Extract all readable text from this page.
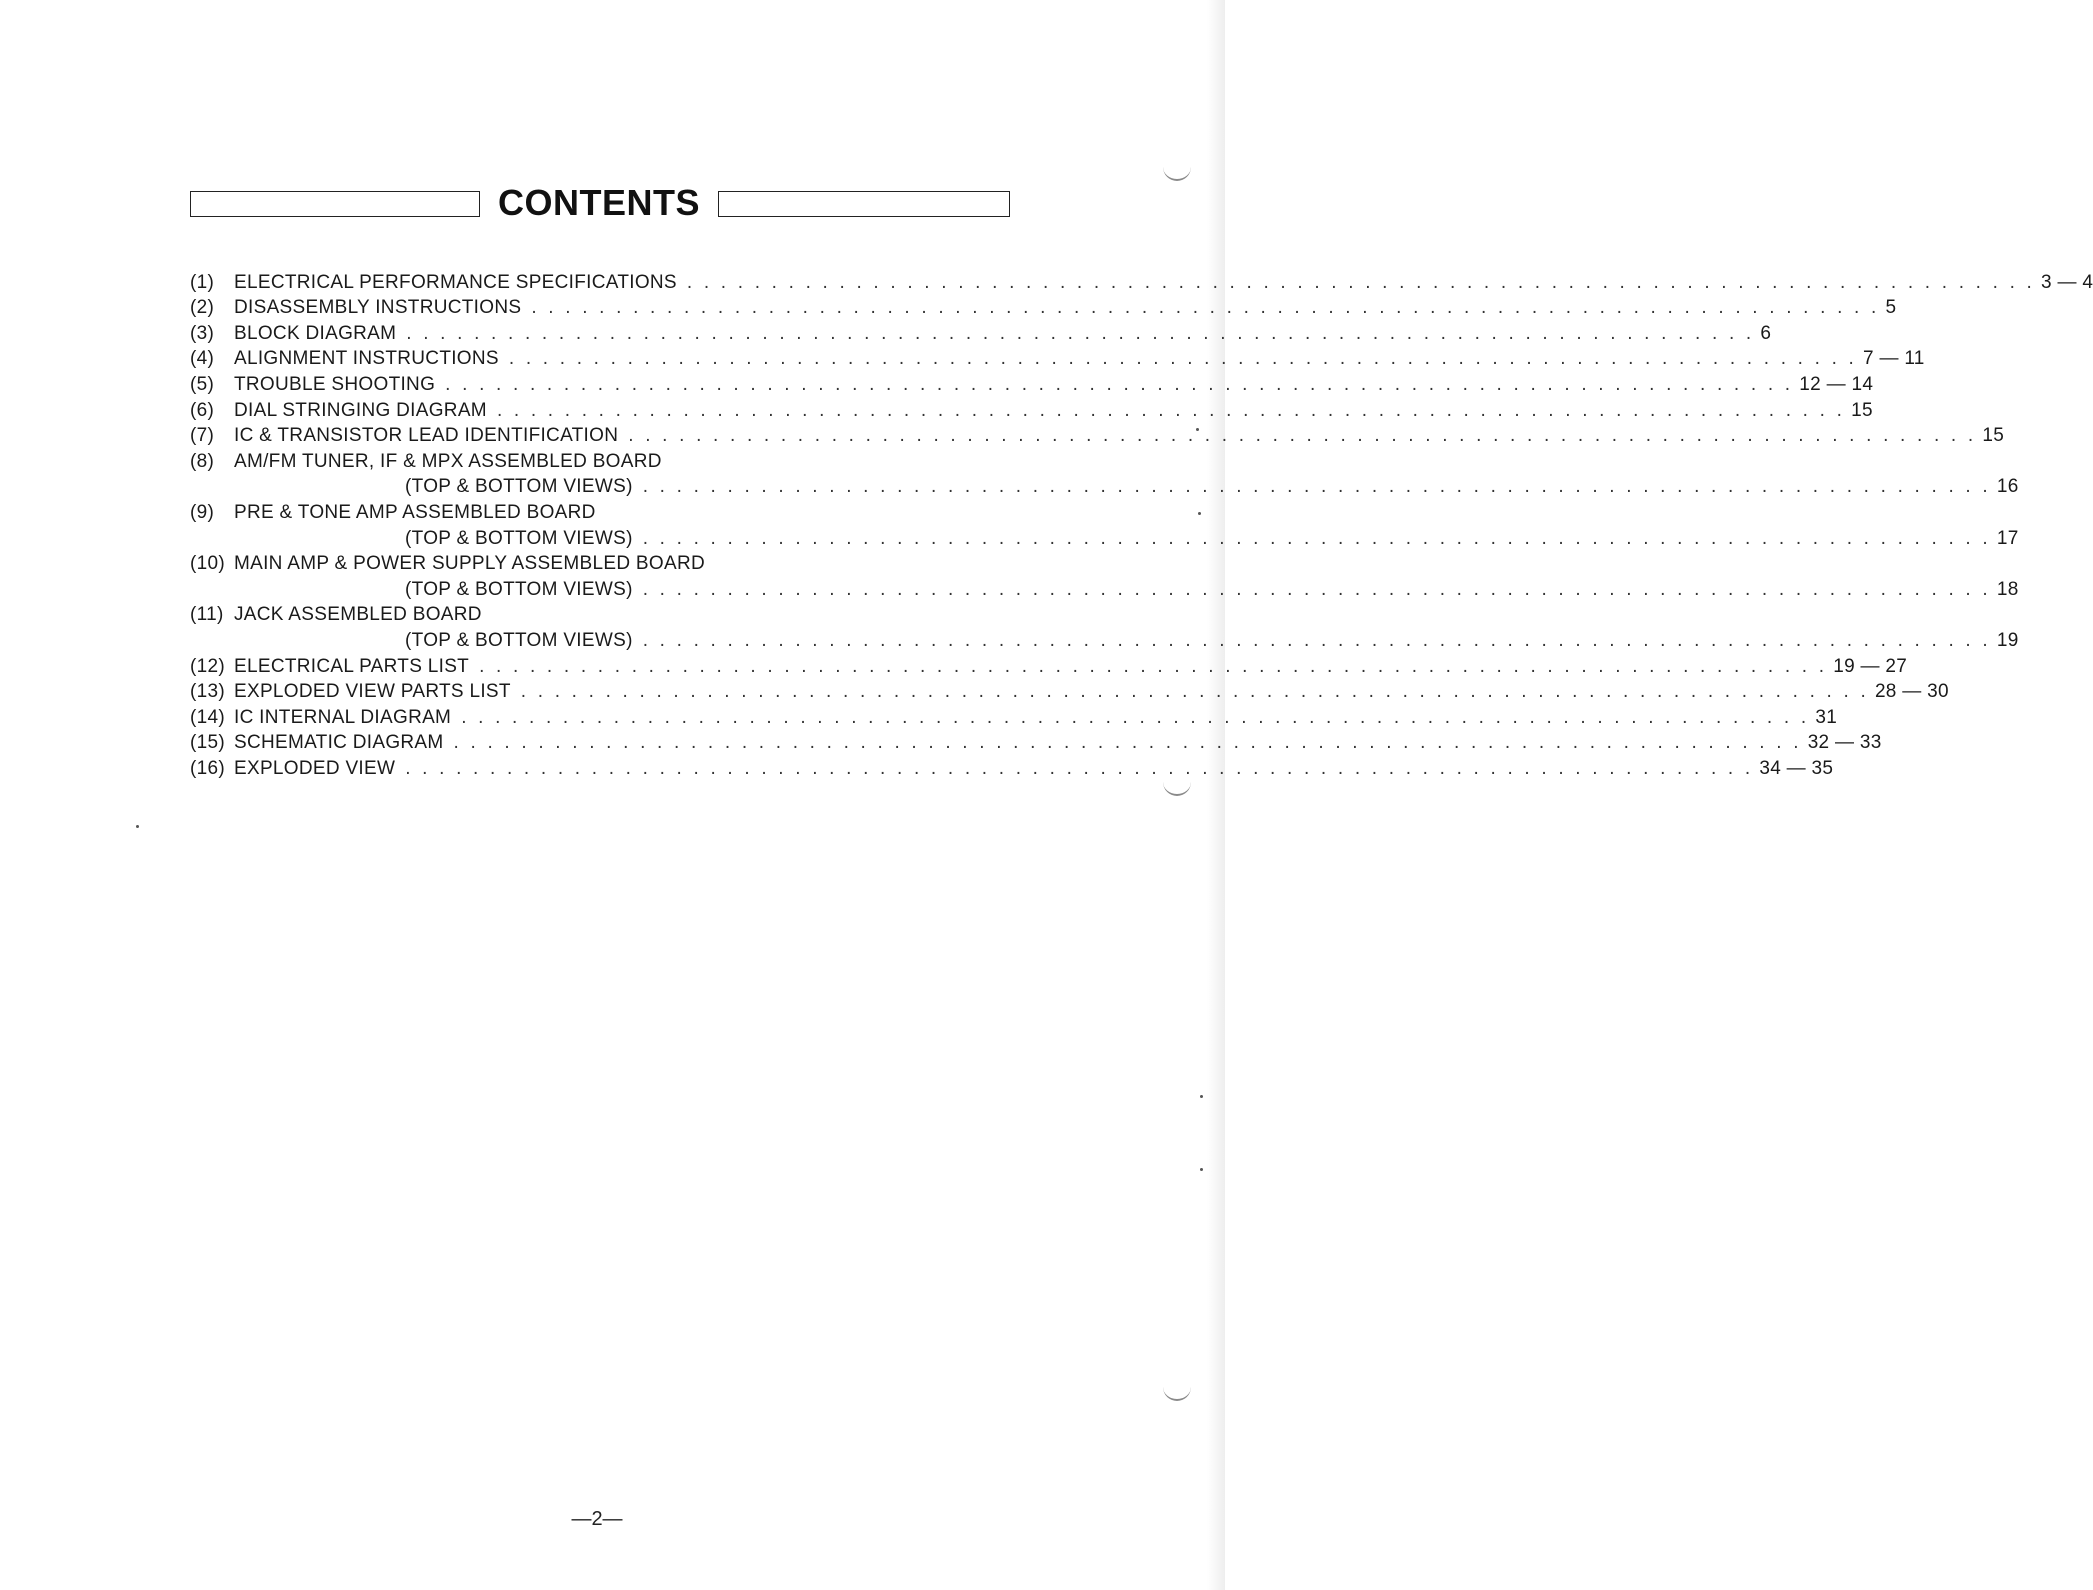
CONTENTS
(1)	ELECTRICAL PERFORMANCE SPECIFICATIONS . . . . . . . . . . . . . . . . . . . . . . . . . . . . . . . . . . . . . . . . . . . . . . . . . . . . . . . . . . . . . . . . . . . . . . . . . . . . . . . . 3 — 4
(2)	DISASSEMBLY INSTRUCTIONS . . . . . . . . . . . . . . . . . . . . . . . . . . . . . . . . . . . . . . . . . . . . . . . . . . . . . . . . . . . . . . . . . . . . . . . . . . . . . . . . 5
(3)	BLOCK DIAGRAM . . . . . . . . . . . . . . . . . . . . . . . . . . . . . . . . . . . . . . . . . . . . . . . . . . . . . . . . . . . . . . . . . . . . . . . . . . . . . . . . 6
(4)	ALIGNMENT INSTRUCTIONS . . . . . . . . . . . . . . . . . . . . . . . . . . . . . . . . . . . . . . . . . . . . . . . . . . . . . . . . . . . . . . . . . . . . . . . . . . . . . . . . 7 — 11
(5)	TROUBLE SHOOTING . . . . . . . . . . . . . . . . . . . . . . . . . . . . . . . . . . . . . . . . . . . . . . . . . . . . . . . . . . . . . . . . . . . . . . . . . . . . . . . . 12 — 14
(6)	DIAL STRINGING DIAGRAM . . . . . . . . . . . . . . . . . . . . . . . . . . . . . . . . . . . . . . . . . . . . . . . . . . . . . . . . . . . . . . . . . . . . . . . . . . . . . . . . 15
(7)	IC & TRANSISTOR LEAD IDENTIFICATION . . . . . . . . . . . . . . . . . . . . . . . . . . . . . . . . . . . . . . . . . . . . . . . . . . . . . . . . . . . . . . . . . . . . . . . . . . . . . . . . 15
(8)	AM/FM TUNER, IF & MPX ASSEMBLED BOARD
(TOP & BOTTOM VIEWS) . . . . . . . . . . . . . . . . . . . . . . . . . . . . . . . . . . . . . . . . . . . . . . . . . . . . . . . . . . . . . . . . . . . . . . . . . . . . . . . . 16
(9)	PRE & TONE AMP ASSEMBLED BOARD
(TOP & BOTTOM VIEWS) . . . . . . . . . . . . . . . . . . . . . . . . . . . . . . . . . . . . . . . . . . . . . . . . . . . . . . . . . . . . . . . . . . . . . . . . . . . . . . . . 17
(10) MAIN AMP & POWER SUPPLY ASSEMBLED BOARD
(TOP & BOTTOM VIEWS) . . . . . . . . . . . . . . . . . . . . . . . . . . . . . . . . . . . . . . . . . . . . . . . . . . . . . . . . . . . . . . . . . . . . . . . . . . . . . . . . 18
(11) JACK ASSEMBLED BOARD
(TOP & BOTTOM VIEWS) . . . . . . . . . . . . . . . . . . . . . . . . . . . . . . . . . . . . . . . . . . . . . . . . . . . . . . . . . . . . . . . . . . . . . . . . . . . . . . . . 19
(12) ELECTRICAL PARTS LIST . . . . . . . . . . . . . . . . . . . . . . . . . . . . . . . . . . . . . . . . . . . . . . . . . . . . . . . . . . . . . . . . . . . . . . . . . . . . . . . . 19 — 27
(13) EXPLODED VIEW PARTS LIST . . . . . . . . . . . . . . . . . . . . . . . . . . . . . . . . . . . . . . . . . . . . . . . . . . . . . . . . . . . . . . . . . . . . . . . . . . . . . . . . 28 — 30
(14) IC INTERNAL DIAGRAM . . . . . . . . . . . . . . . . . . . . . . . . . . . . . . . . . . . . . . . . . . . . . . . . . . . . . . . . . . . . . . . . . . . . . . . . . . . . . . . . 31
(15) SCHEMATIC DIAGRAM . . . . . . . . . . . . . . . . . . . . . . . . . . . . . . . . . . . . . . . . . . . . . . . . . . . . . . . . . . . . . . . . . . . . . . . . . . . . . . . . 32 — 33
(16) EXPLODED VIEW . . . . . . . . . . . . . . . . . . . . . . . . . . . . . . . . . . . . . . . . . . . . . . . . . . . . . . . . . . . . . . . . . . . . . . . . . . . . . . . . 34 — 35
—2—
